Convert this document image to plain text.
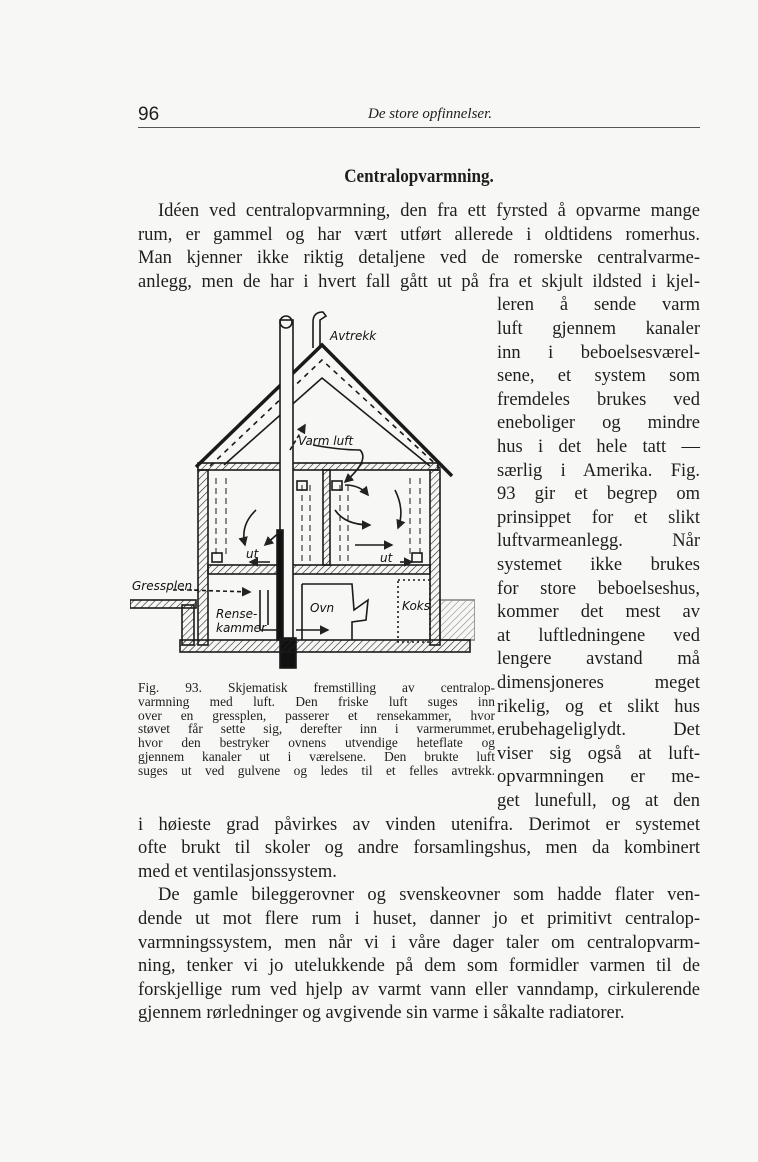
96	De store opfinnelser.
Centralopvarmning.
Idéen ved centralopvarmning, den fra ett fyrsted å opvarme mange
rum, er gammel og har vært utført allerede i oldtidens romerhus.
Man kjenner ikke riktig detaljene ved de romerske centralvarme-
anlegg, men de har i hvert fall gått ut på fra et skjult ildsted i kjel-
leren å sende varm
luft gjennem kanaler
inn i beboelsesværel-
sene, et system som
fremdeles brukes ved
eneboliger og mindre
hus i det hele tatt —
særlig i Amerika. Fig.
93 gir et begrep om
prinsippet for et slikt
luftvarmeanlegg. Når
systemet ikke brukes
for store beboelseshus,
kommer det mest av
at luftledningene ved
lengere avstand må
dimensjoneres meget
rikelig, og et slikt hus
erubehageliglydt. Det
viser sig også at luft-
opvarmningen er me-
get lunefull, og at den
i høieste grad påvirkes av vinden utenifra. Derimot er systemet
ofte brukt til skoler og andre forsamlingshus, men da kombinert
med et ventilasjonssystem.
De gamle bileggerovner og svenskeovner som hadde flater ven-
dende ut mot flere rum i huset, danner jo et primitivt centralop-
varmningssystem, men når vi i våre dager taler om centralopvarm-
ning, tenker vi jo utelukkende på dem som formidler varmen til de
forskjellige rum ved hjelp av varmt vann eller vanndamp, cirkulerende
gjennem rørledninger og avgivende sin varme i såkalte radiatorer.
Avtrekk
Varm luft
ut	ut
Gressplen
Rense-
kammer
Ovn	Koks
Fig. 93. Skjematisk fremstilling av centralop-
varmning med luft. Den friske luft suges inn
over en gressplen, passerer et rensekammer, hvor
støvet får sette sig, derefter inn i varmerummet,
hvor den bestryker ovnens utvendige heteflate og
gjennem kanaler ut i værelsene. Den brukte luft
suges ut ved gulvene og ledes til et felles avtrekk.
